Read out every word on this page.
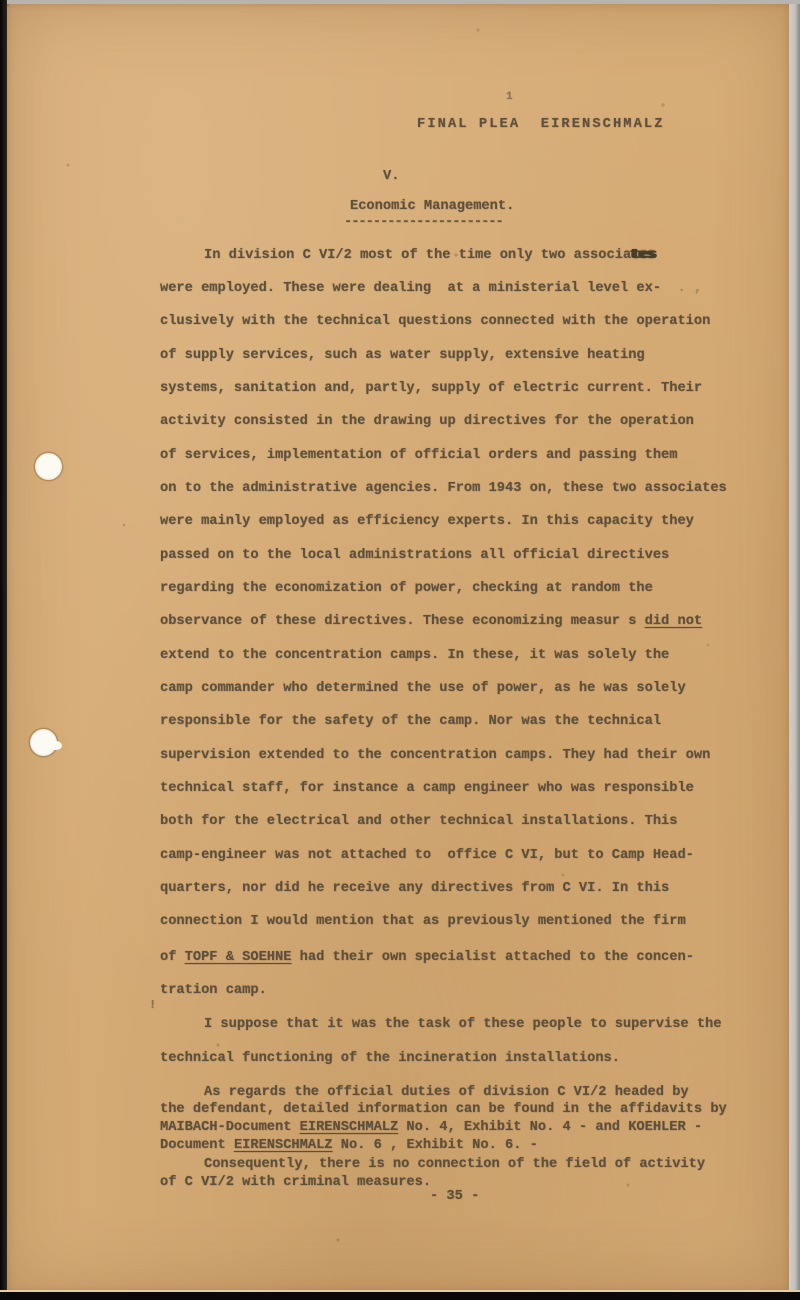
1
FINAL PLEA  EIRENSCHMALZ
V.
Economic Management.
----------------------
In division C VI/2 most of the time only two associates
were employed. These were dealing  at a ministerial level ex-  . ,
clusively with the technical questions connected with the operation
of supply services, such as water supply, extensive heating
systems, sanitation and, partly, supply of electric current. Their
activity consisted in the drawing up directives for the operation
of services, implementation of official orders and passing them
on to the administrative agencies. From 1943 on, these two associates
were mainly employed as efficiency experts. In this capacity they
passed on to the local administrations all official directives
regarding the economization of power, checking at random the
observance of these directives. These economizing measur s did not
extend to the concentration camps. In these, it was solely the
camp commander who determined the use of power, as he was solely
responsible for the safety of the camp. Nor was the technical
supervision extended to the concentration camps. They had their own
technical staff, for instance a camp engineer who was responsible
both for the electrical and other technical installations. This
camp-engineer was not attached to  office C VI, but to Camp Head-
quarters, nor did he receive any directives from C VI. In this
connection I would mention that as previously mentioned the firm
of TOPF & SOEHNE had their own specialist attached to the concen-
tration camp.
I suppose that it was the task of these people to supervise the
technical functioning of the incineration installations.
As regards the official duties of division C VI/2 headed by
the defendant, detailed information can be found in the affidavits by
MAIBACH-Document EIRENSCHMALZ No. 4, Exhibit No. 4 - and KOEHLER -
Document EIRENSCHMALZ No. 6 , Exhibit No. 6. -
Consequently, there is no connection of the field of activity
of C VI/2 with criminal measures.
!
- 35 -
